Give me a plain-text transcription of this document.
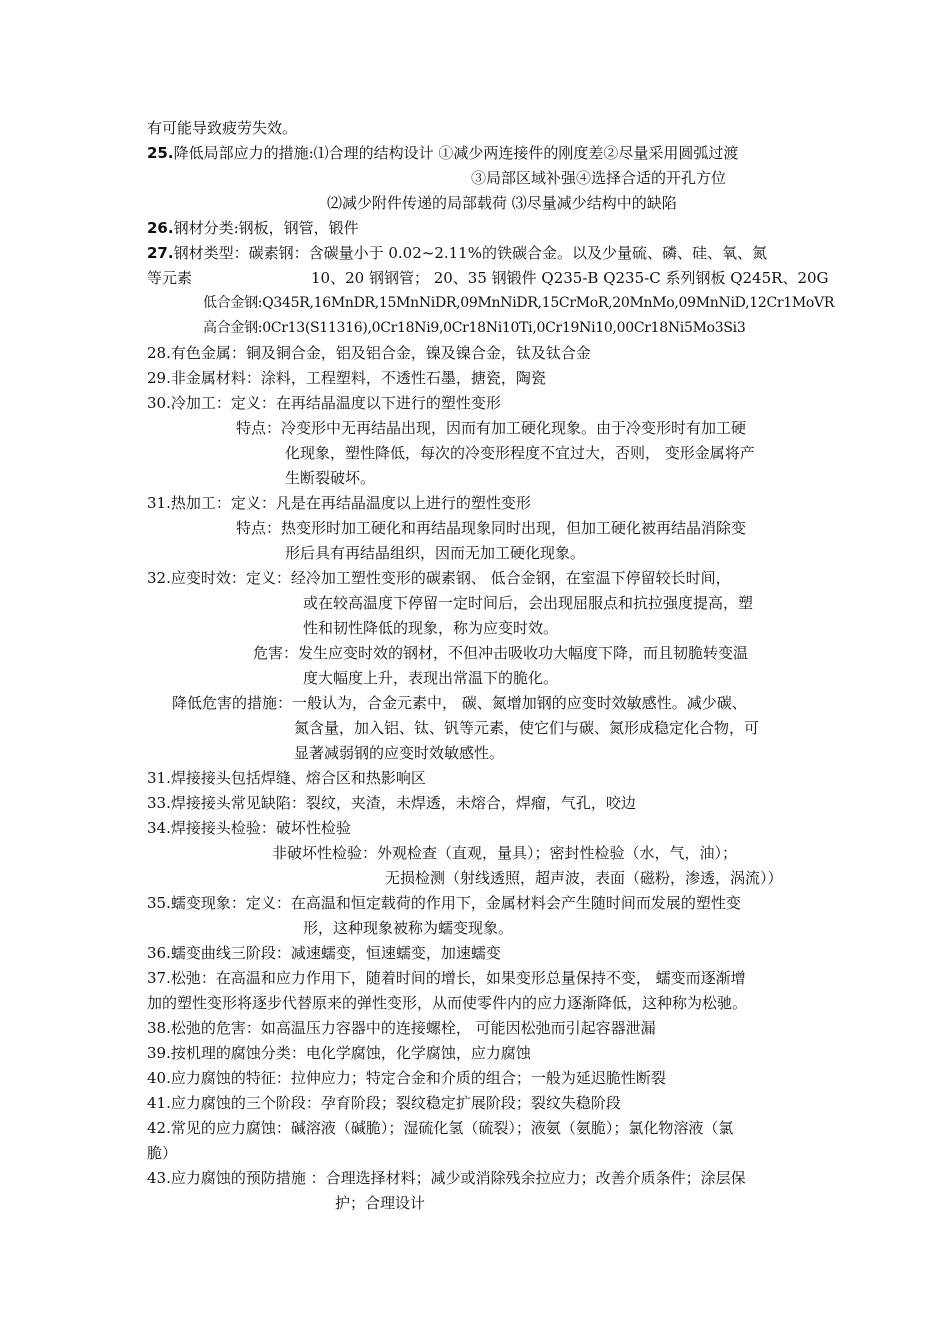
有可能导致疲劳失效。
25.降低局部应力的措施:⑴合理的结构设计 ①减少两连接件的刚度差②尽量采用圆弧过渡
③局部区域补强④选择合适的开孔方位
⑵减少附件传递的局部载荷 ⑶尽量减少结构中的缺陷
26.钢材分类:钢板，钢管，锻件
27.钢材类型：碳素钢：含碳量小于 0.02~2.11%的铁碳合金。以及少量硫、磷、硅、氧、氮
等元素	10、20 钢钢管； 20、35 钢锻件 Q235-B Q235-C 系列钢板 Q245R、20G
低合金钢:Q345R,16MnDR,15MnNiDR,09MnNiDR,15CrMoR,20MnMo,09MnNiD,12Cr1MoVR
高合金钢:0Cr13(S11316),0Cr18Ni9,0Cr18Ni10Ti,0Cr19Ni10,00Cr18Ni5Mo3Si3
28.有色金属：铜及铜合金，铝及铝合金，镍及镍合金，钛及钛合金
29.非金属材料：涂料，工程塑料，不透性石墨，搪瓷，陶瓷
30.冷加工：定义：在再结晶温度以下进行的塑性变形
特点：冷变形中无再结晶出现，因而有加工硬化现象。由于冷变形时有加工硬
化现象，塑性降低，每次的冷变形程度不宜过大，否则， 变形金属将产
生断裂破坏。
31.热加工：定义：凡是在再结晶温度以上进行的塑性变形
特点：热变形时加工硬化和再结晶现象同时出现，但加工硬化被再结晶消除变
形后具有再结晶组织，因而无加工硬化现象。
32.应变时效：定义：经冷加工塑性变形的碳素钢、 低合金钢，在室温下停留较长时间，
或在较高温度下停留一定时间后，会出现屈服点和抗拉强度提高，塑
性和韧性降低的现象，称为应变时效。
危害：发生应变时效的钢材，不但冲击吸收功大幅度下降，而且韧脆转变温
度大幅度上升，表现出常温下的脆化。
降低危害的措施：一般认为，合金元素中， 碳、氮增加钢的应变时效敏感性。减少碳、
氮含量，加入铝、钛、钒等元素，使它们与碳、氮形成稳定化合物，可
显著减弱钢的应变时效敏感性。
31.焊接接头包括焊缝、熔合区和热影响区
33.焊接接头常见缺陷：裂纹，夹渣，未焊透，未熔合，焊瘤，气孔，咬边
34.焊接接头检验：破坏性检验
非破坏性检验：外观检查（直观，量具）；密封性检验（水，气，油）；
无损检测（射线透照，超声波，表面（磁粉，渗透，涡流））
35.蠕变现象：定义：在高温和恒定载荷的作用下，金属材料会产生随时间而发展的塑性变
形，这种现象被称为蠕变现象。
36.蠕变曲线三阶段：减速蠕变，恒速蠕变，加速蠕变
37.松弛：在高温和应力作用下，随着时间的增长，如果变形总量保持不变， 蠕变而逐渐增
加的塑性变形将逐步代替原来的弹性变形，从而使零件内的应力逐渐降低，这种称为松驰。
38.松弛的危害：如高温压力容器中的连接螺栓， 可能因松弛而引起容器泄漏
39.按机理的腐蚀分类：电化学腐蚀，化学腐蚀，应力腐蚀
40.应力腐蚀的特征：拉伸应力；特定合金和介质的组合；一般为延迟脆性断裂
41.应力腐蚀的三个阶段：孕育阶段；裂纹稳定扩展阶段；裂纹失稳阶段
42.常见的应力腐蚀：碱溶液（碱脆）；湿硫化氢（硫裂）；液氨（氨脆）；氯化物溶液（氯
脆）
43.应力腐蚀的预防措施 ：合理选择材料；减少或消除残余拉应力；改善介质条件；涂层保
护；合理设计
